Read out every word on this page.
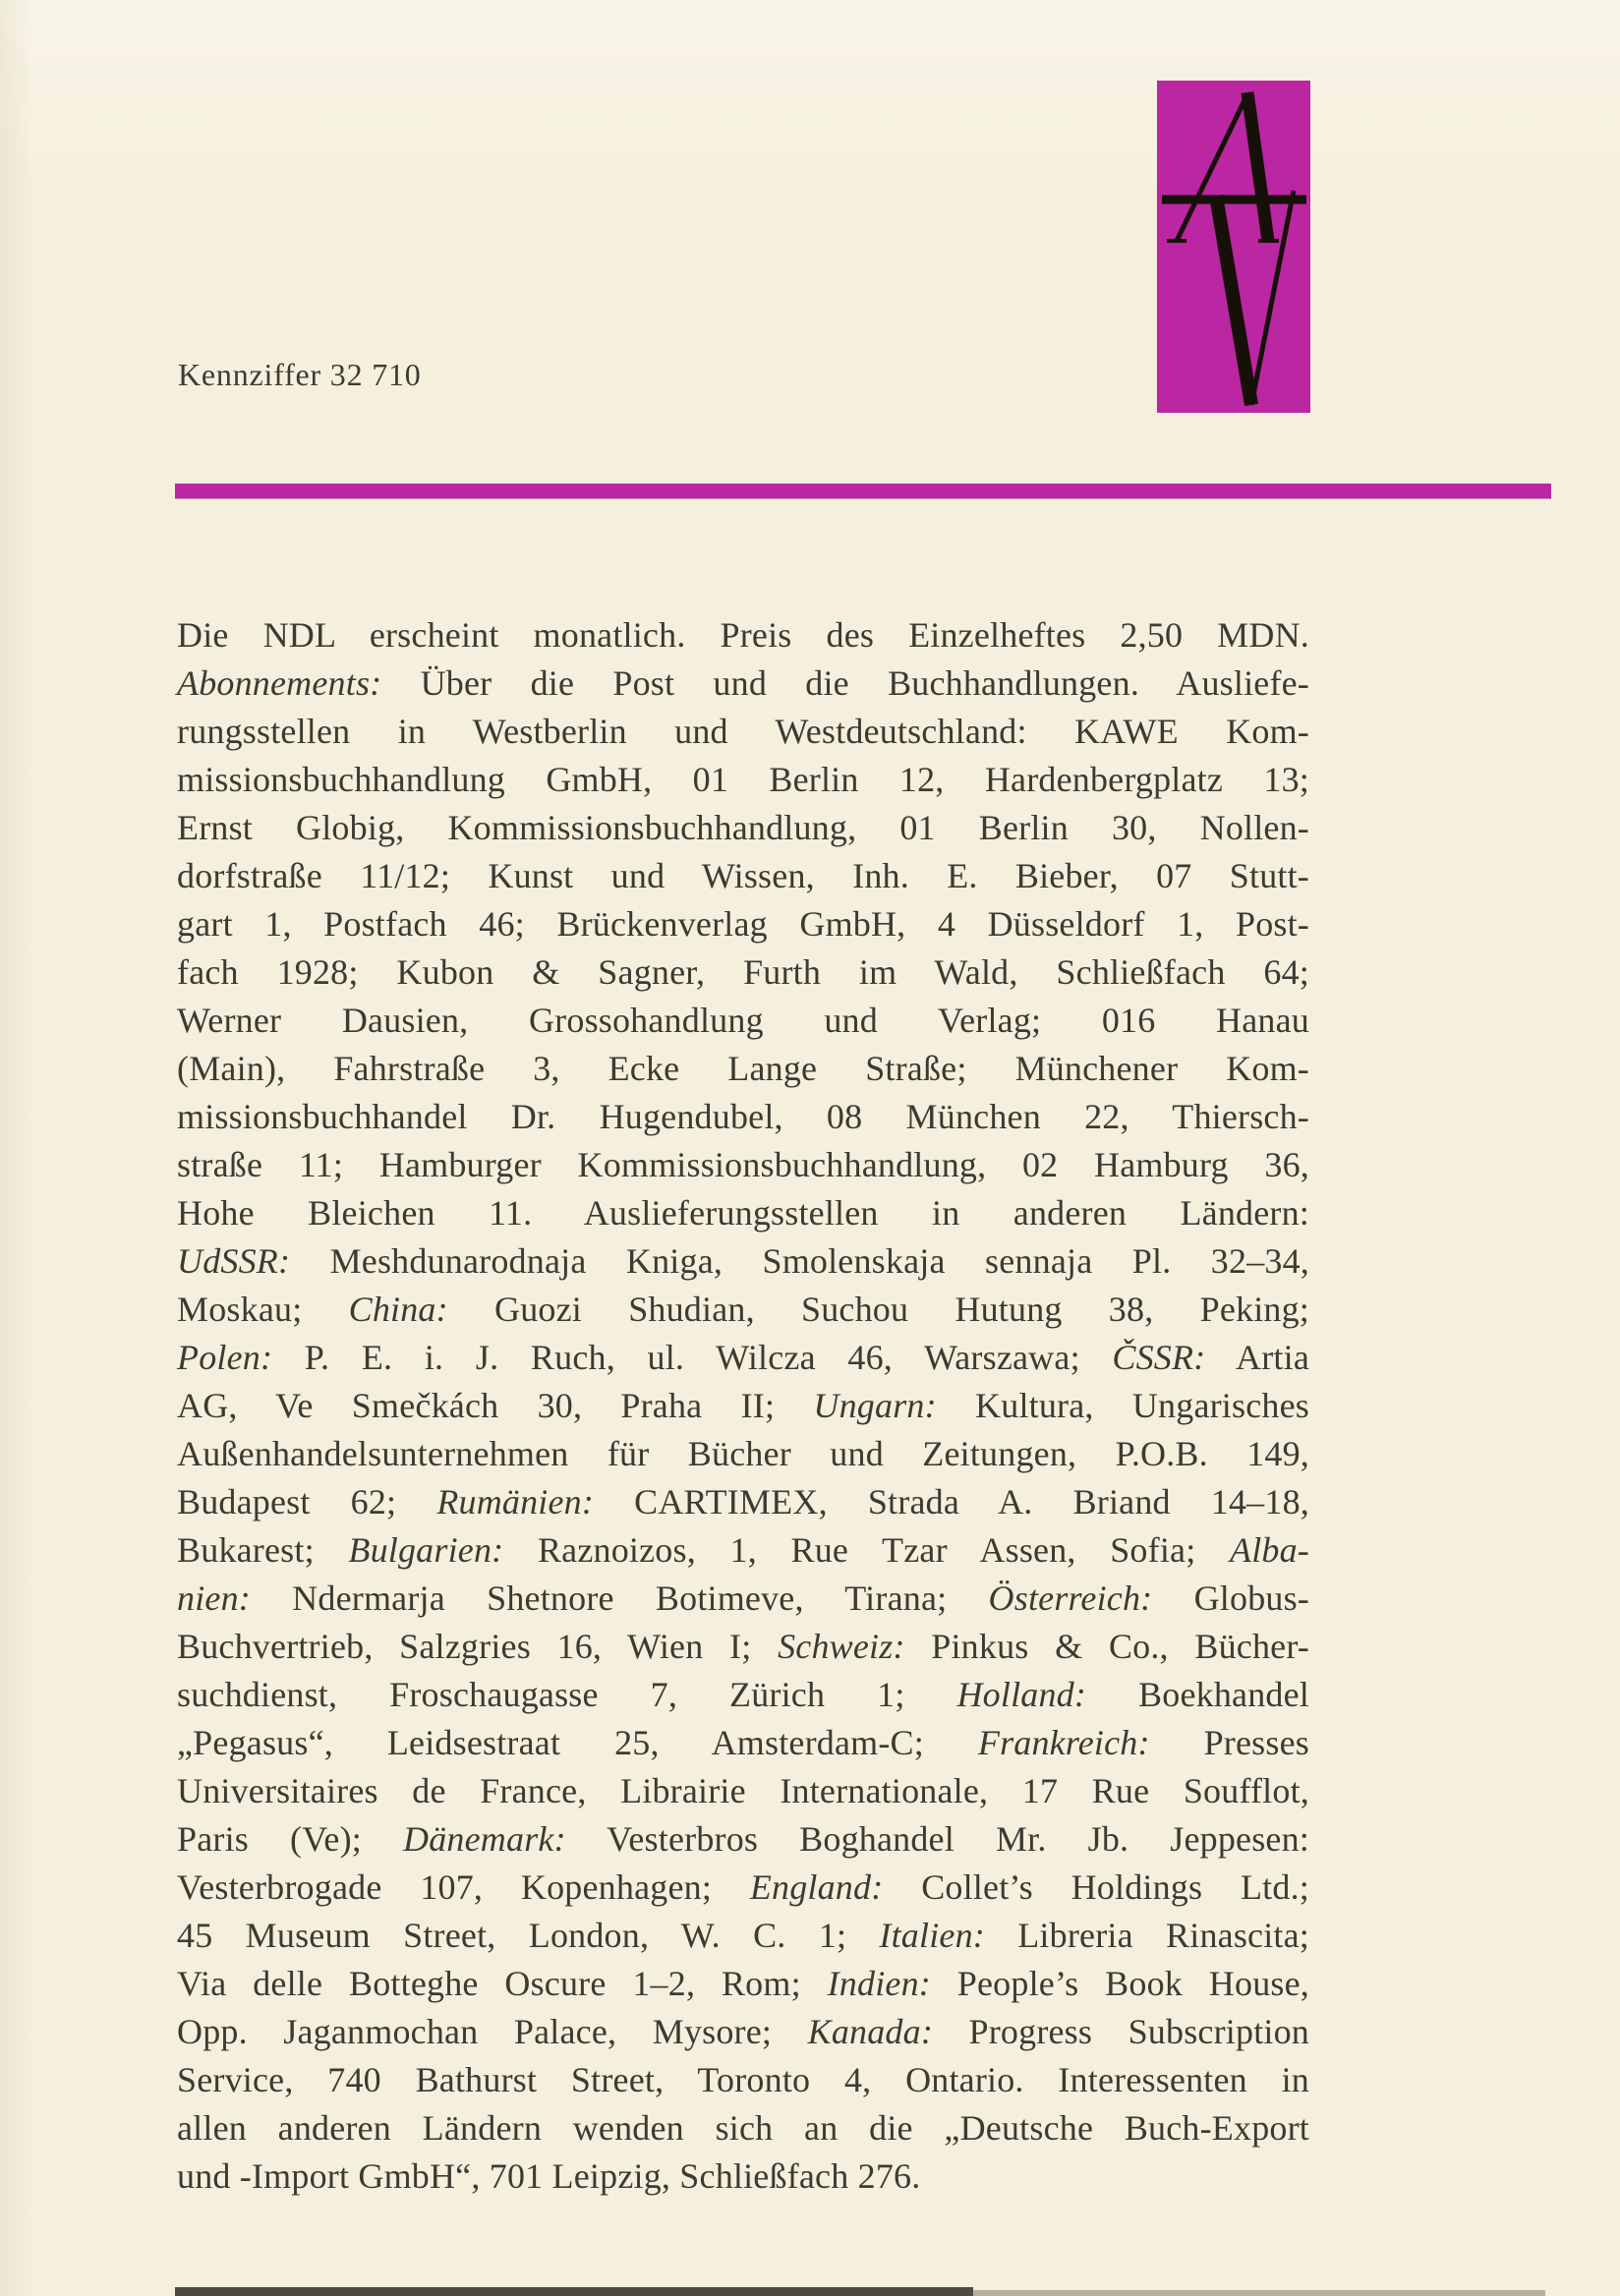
Kennziffer 32 710
Die NDL erscheint monatlich. Preis des Einzelheftes 2,50 MDN.
Abonnements: Über die Post und die Buchhandlungen. Ausliefe-
rungsstellen in Westberlin und Westdeutschland: KAWE Kom-
missionsbuchhandlung GmbH, 01 Berlin 12, Hardenbergplatz 13;
Ernst Globig, Kommissionsbuchhandlung, 01 Berlin 30, Nollen-
dorfstraße 11/12; Kunst und Wissen, Inh. E. Bieber, 07 Stutt-
gart 1, Postfach 46; Brückenverlag GmbH, 4 Düsseldorf 1, Post-
fach 1928; Kubon & Sagner, Furth im Wald, Schließfach 64;
Werner Dausien, Grossohandlung und Verlag; 016 Hanau
(Main), Fahrstraße 3, Ecke Lange Straße; Münchener Kom-
missionsbuchhandel Dr. Hugendubel, 08 München 22, Thiersch-
straße 11; Hamburger Kommissionsbuchhandlung, 02 Hamburg 36,
Hohe Bleichen 11. Auslieferungsstellen in anderen Ländern:
UdSSR: Meshdunarodnaja Kniga, Smolenskaja sennaja Pl. 32–34,
Moskau; China: Guozi Shudian, Suchou Hutung 38, Peking;
Polen: P. E. i. J. Ruch, ul. Wilcza 46, Warszawa; ČSSR: Artia
AG, Ve Smečkách 30, Praha II; Ungarn: Kultura, Ungarisches
Außenhandelsunternehmen für Bücher und Zeitungen, P.O.B. 149,
Budapest 62; Rumänien: CARTIMEX, Strada A. Briand 14–18,
Bukarest; Bulgarien: Raznoizos, 1, Rue Tzar Assen, Sofia; Alba-
nien: Ndermarja Shetnore Botimeve, Tirana; Österreich: Globus-
Buchvertrieb, Salzgries 16, Wien I; Schweiz: Pinkus & Co., Bücher-
suchdienst, Froschaugasse 7, Zürich 1; Holland: Boekhandel
„Pegasus“, Leidsestraat 25, Amsterdam-C; Frankreich: Presses
Universitaires de France, Librairie Internationale, 17 Rue Soufflot,
Paris (Ve); Dänemark: Vesterbros Boghandel Mr. Jb. Jeppesen:
Vesterbrogade 107, Kopenhagen; England: Collet’s Holdings Ltd.;
45 Museum Street, London, W. C. 1; Italien: Libreria Rinascita;
Via delle Botteghe Oscure 1–2, Rom; Indien: People’s Book House,
Opp. Jaganmochan Palace, Mysore; Kanada: Progress Subscription
Service, 740 Bathurst Street, Toronto 4, Ontario. Interessenten in
allen anderen Ländern wenden sich an die „Deutsche Buch-Export
und -Import GmbH“, 701 Leipzig, Schließfach 276.
